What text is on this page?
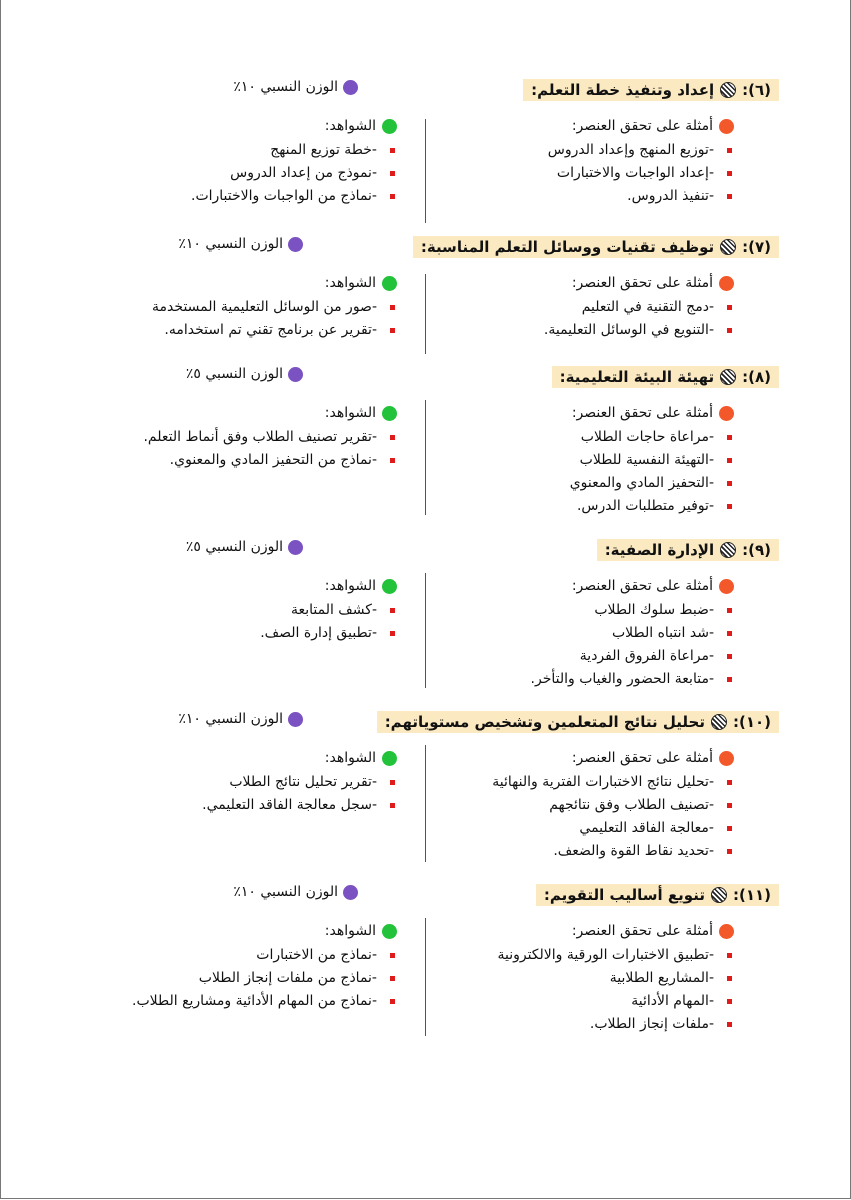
(٦):
إعداد وتنفيذ خطة التعلم:
الوزن النسبي ١٠٪
أمثلة على تحقق العنصر:
-توزيع المنهج وإعداد الدروس
-إعداد الواجبات والاختبارات
-تنفيذ الدروس.
الشواهد:
-خطة توزيع المنهج
-نموذج من إعداد الدروس
-نماذج من الواجبات والاختبارات.
(٧):
توظيف تقنيات ووسائل التعلم المناسبة:
الوزن النسبي ١٠٪
أمثلة على تحقق العنصر:
-دمج التقنية في التعليم
-التنويع في الوسائل التعليمية.
الشواهد:
-صور من الوسائل التعليمية المستخدمة
-تقرير عن برنامج تقني تم استخدامه.
(٨):
تهيئة البيئة التعليمية:
الوزن النسبي ٥٪
أمثلة على تحقق العنصر:
-مراعاة حاجات الطلاب
-التهيئة النفسية للطلاب
-التحفيز المادي والمعنوي
-توفير متطلبات الدرس.
الشواهد:
-تقرير تصنيف الطلاب وفق أنماط التعلم.
-نماذج من التحفيز المادي والمعنوي.
(٩):
الإدارة الصفية:
الوزن النسبي ٥٪
أمثلة على تحقق العنصر:
-ضبط سلوك الطلاب
-شد انتباه الطلاب
-مراعاة الفروق الفردية
-متابعة الحضور والغياب والتأخر.
الشواهد:
-كشف المتابعة
-تطبيق إدارة الصف.
(١٠):
تحليل نتائج المتعلمين وتشخيص مستوياتهم:
الوزن النسبي ١٠٪
أمثلة على تحقق العنصر:
-تحليل نتائج الاختبارات الفترية والنهائية
-تصنيف الطلاب وفق نتائجهم
-معالجة الفاقد التعليمي
-تحديد نقاط القوة والضعف.
الشواهد:
-تقرير تحليل نتائج الطلاب
-سجل معالجة الفاقد التعليمي.
(١١):
تنويع أساليب التقويم:
الوزن النسبي ١٠٪
أمثلة على تحقق العنصر:
-تطبيق الاختبارات الورقية والالكترونية
-المشاريع الطلابية
-المهام الأدائية
-ملفات إنجاز الطلاب.
الشواهد:
-نماذج من الاختبارات
-نماذج من ملفات إنجاز الطلاب
-نماذج من المهام الأدائية ومشاريع الطلاب.
